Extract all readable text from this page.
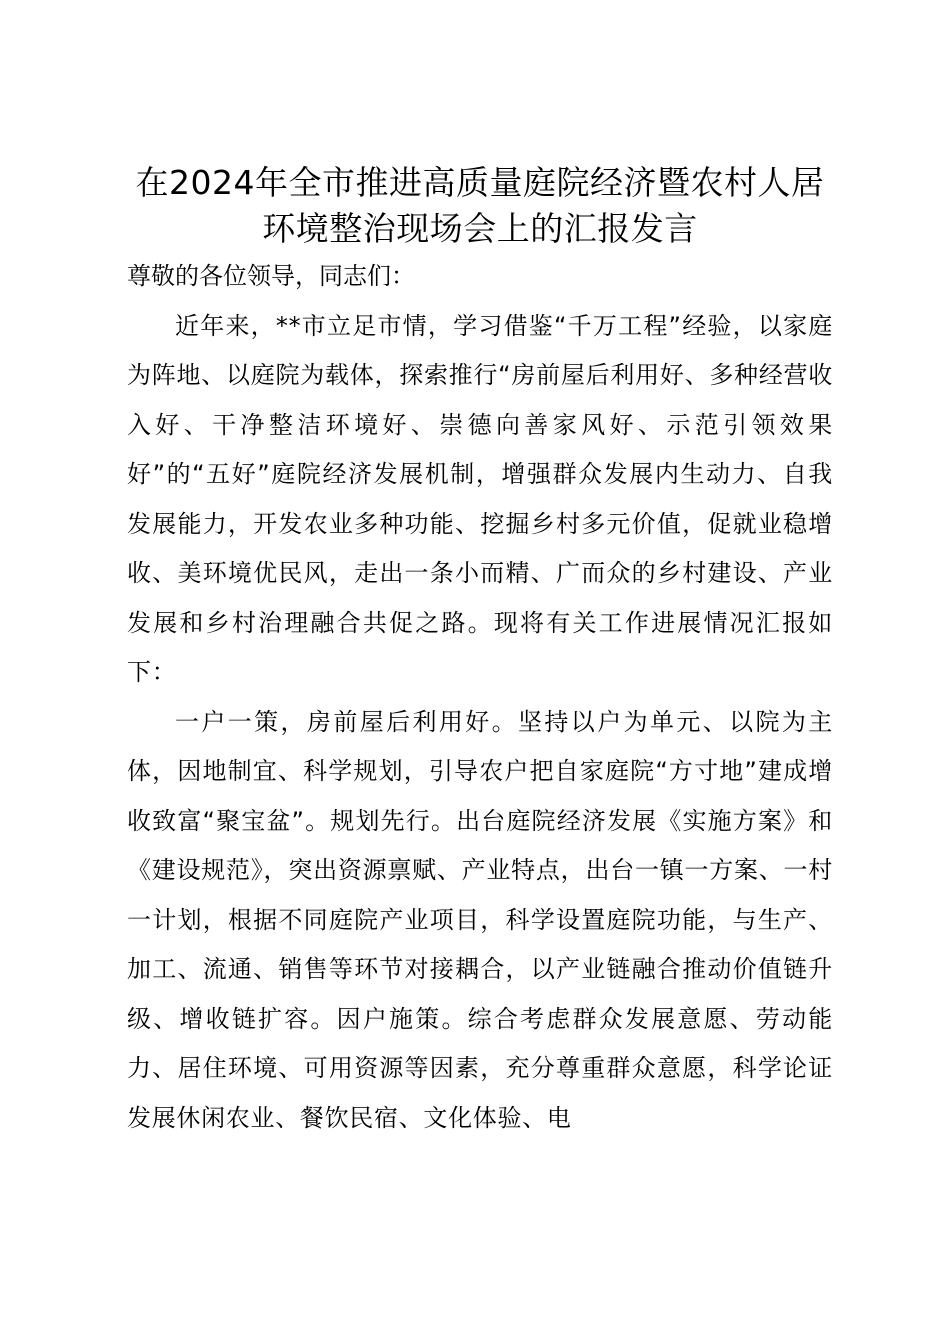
在2024年全市推进高质量庭院经济暨农村人居环境整治现场会上的汇报发言

尊敬的各位领导，同志们：

近年来，**市立足市情，学习借鉴“千万工程”经验，以家庭为阵地、以庭院为载体，探索推行“房前屋后利用好、多种经营收入好、干净整洁环境好、崇德向善家风好、示范引领效果好”的“五好”庭院经济发展机制，增强群众发展内生动力、自我发展能力，开发农业多种功能、挖掘乡村多元价值，促就业稳增收、美环境优民风，走出一条小而精、广而众的乡村建设、产业发展和乡村治理融合共促之路。现将有关工作进展情况汇报如下：

一户一策，房前屋后利用好。坚持以户为单元、以院为主体，因地制宜、科学规划，引导农户把自家庭院“方寸地”建成增收致富“聚宝盆”。规划先行。出台庭院经济发展《实施方案》和《建设规范》，突出资源禀赋、产业特点，出台一镇一方案、一村一计划，根据不同庭院产业项目，科学设置庭院功能，与生产、加工、流通、销售等环节对接耦合，以产业链融合推动价值链升级、增收链扩容。因户施策。综合考虑群众发展意愿、劳动能力、居住环境、可用资源等因素，充分尊重群众意愿，科学论证发展休闲农业、餐饮民宿、文化体验、电
